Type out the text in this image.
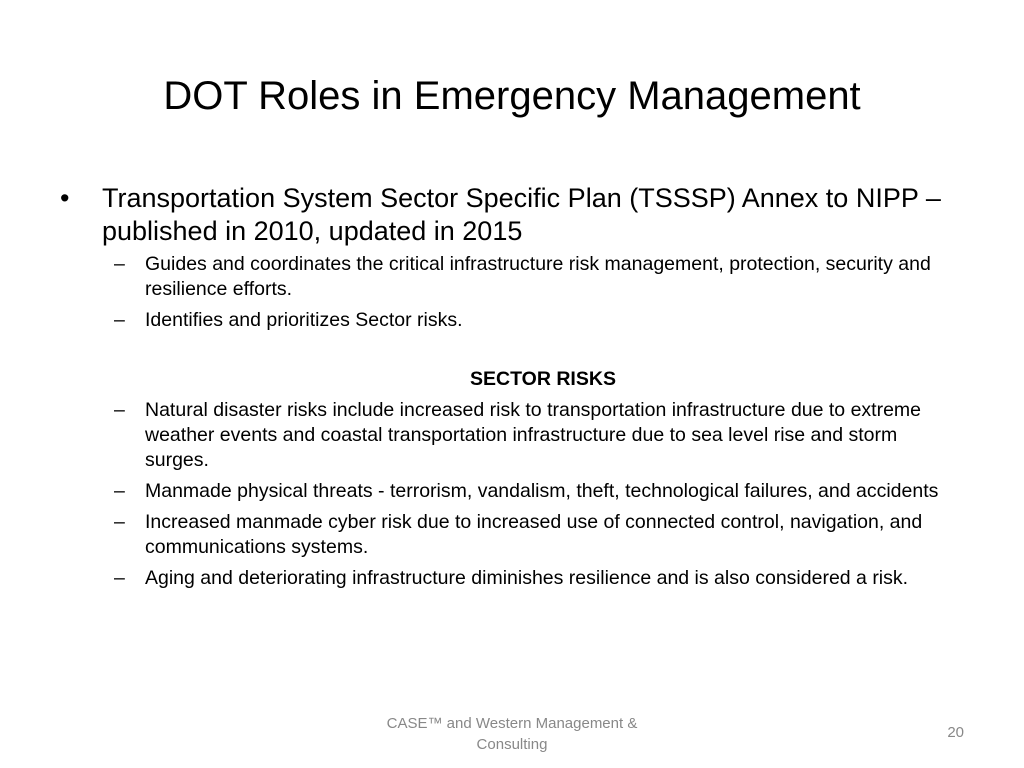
DOT Roles in Emergency Management
• Transportation System Sector Specific Plan (TSSSP) Annex to NIPP – published in 2010, updated in 2015
– Guides and coordinates the critical infrastructure risk management, protection, security and resilience efforts.
– Identifies and prioritizes Sector risks.
SECTOR RISKS
– Natural disaster risks include increased risk to transportation infrastructure due to extreme weather events and coastal transportation infrastructure due to sea level rise and storm surges.
– Manmade physical threats - terrorism, vandalism, theft, technological failures, and accidents
– Increased manmade cyber risk due to increased use of connected control, navigation, and communications systems.
– Aging and deteriorating infrastructure diminishes resilience and is also considered a risk.
CASE™ and Western Management & Consulting
20
